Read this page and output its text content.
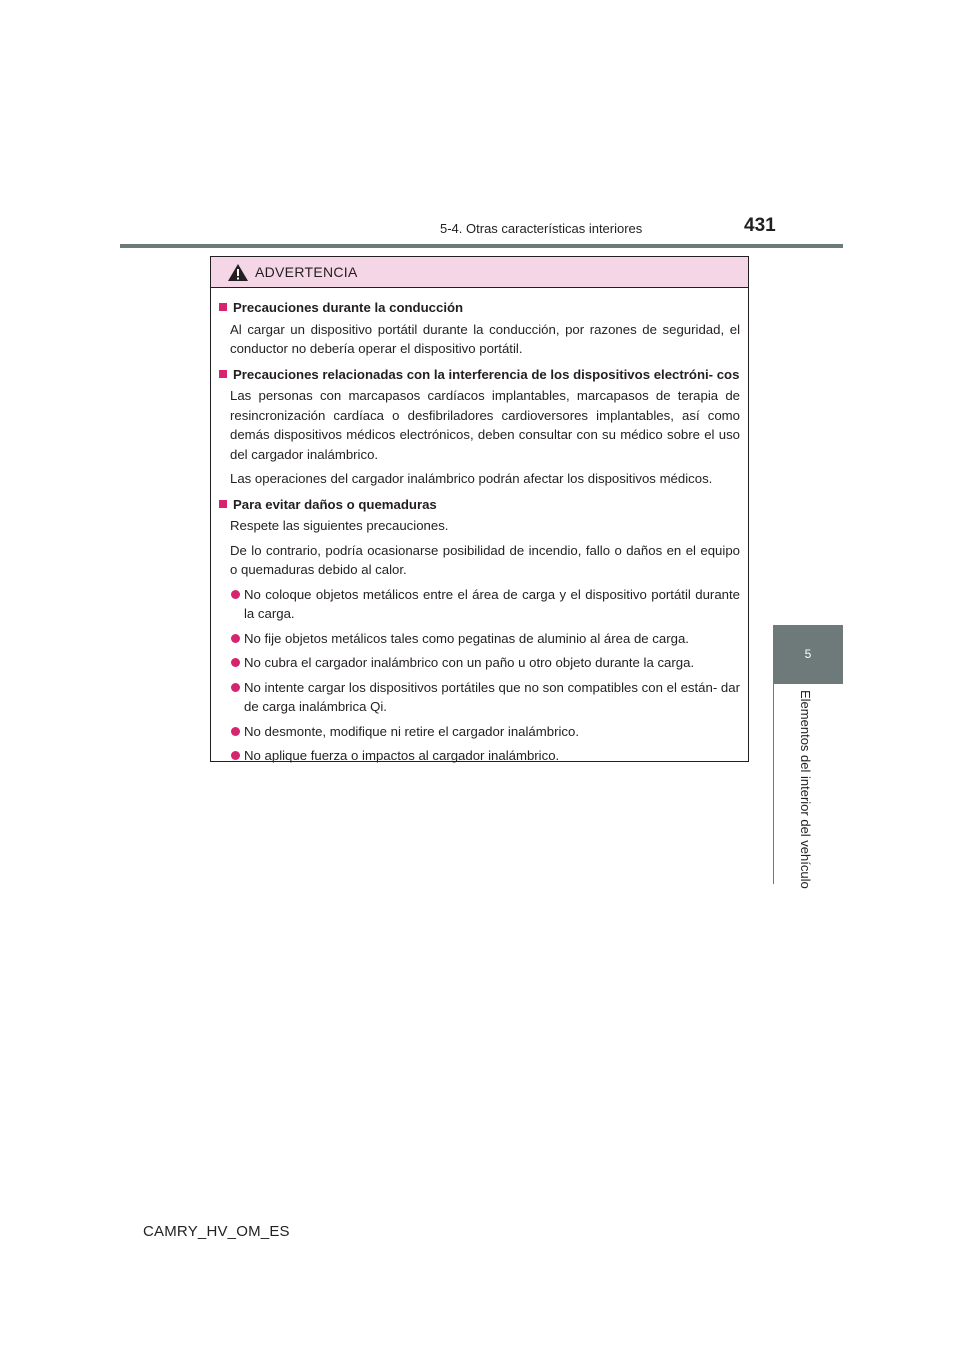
5-4. Otras características interiores	431
5
Elementos del interior del vehículo
ADVERTENCIA

Precauciones durante la conducción

Al cargar un dispositivo portátil durante la conducción, por razones de seguridad, el conductor no debería operar el dispositivo portátil.

Precauciones relacionadas con la interferencia de los dispositivos electróni- cos

Las personas con marcapasos cardíacos implantables, marcapasos de terapia de resincronización cardíaca o desfibriladores cardioversores implantables, así como demás dispositivos médicos electrónicos, deben consultar con su médico sobre el uso del cargador inalámbrico.

Las operaciones del cargador inalámbrico podrán afectar los dispositivos médicos.

Para evitar daños o quemaduras

Respete las siguientes precauciones.

De lo contrario, podría ocasionarse posibilidad de incendio, fallo o daños en el equipo o quemaduras debido al calor.

No coloque objetos metálicos entre el área de carga y el dispositivo portátil durante la carga.

No fije objetos metálicos tales como pegatinas de aluminio al área de carga.

No cubra el cargador inalámbrico con un paño u otro objeto durante la carga.

No intente cargar los dispositivos portátiles que no son compatibles con el están- dar de carga inalámbrica Qi.

No desmonte, modifique ni retire el cargador inalámbrico.

No aplique fuerza o impactos al cargador inalámbrico.

CAMRY_HV_OM_ES
